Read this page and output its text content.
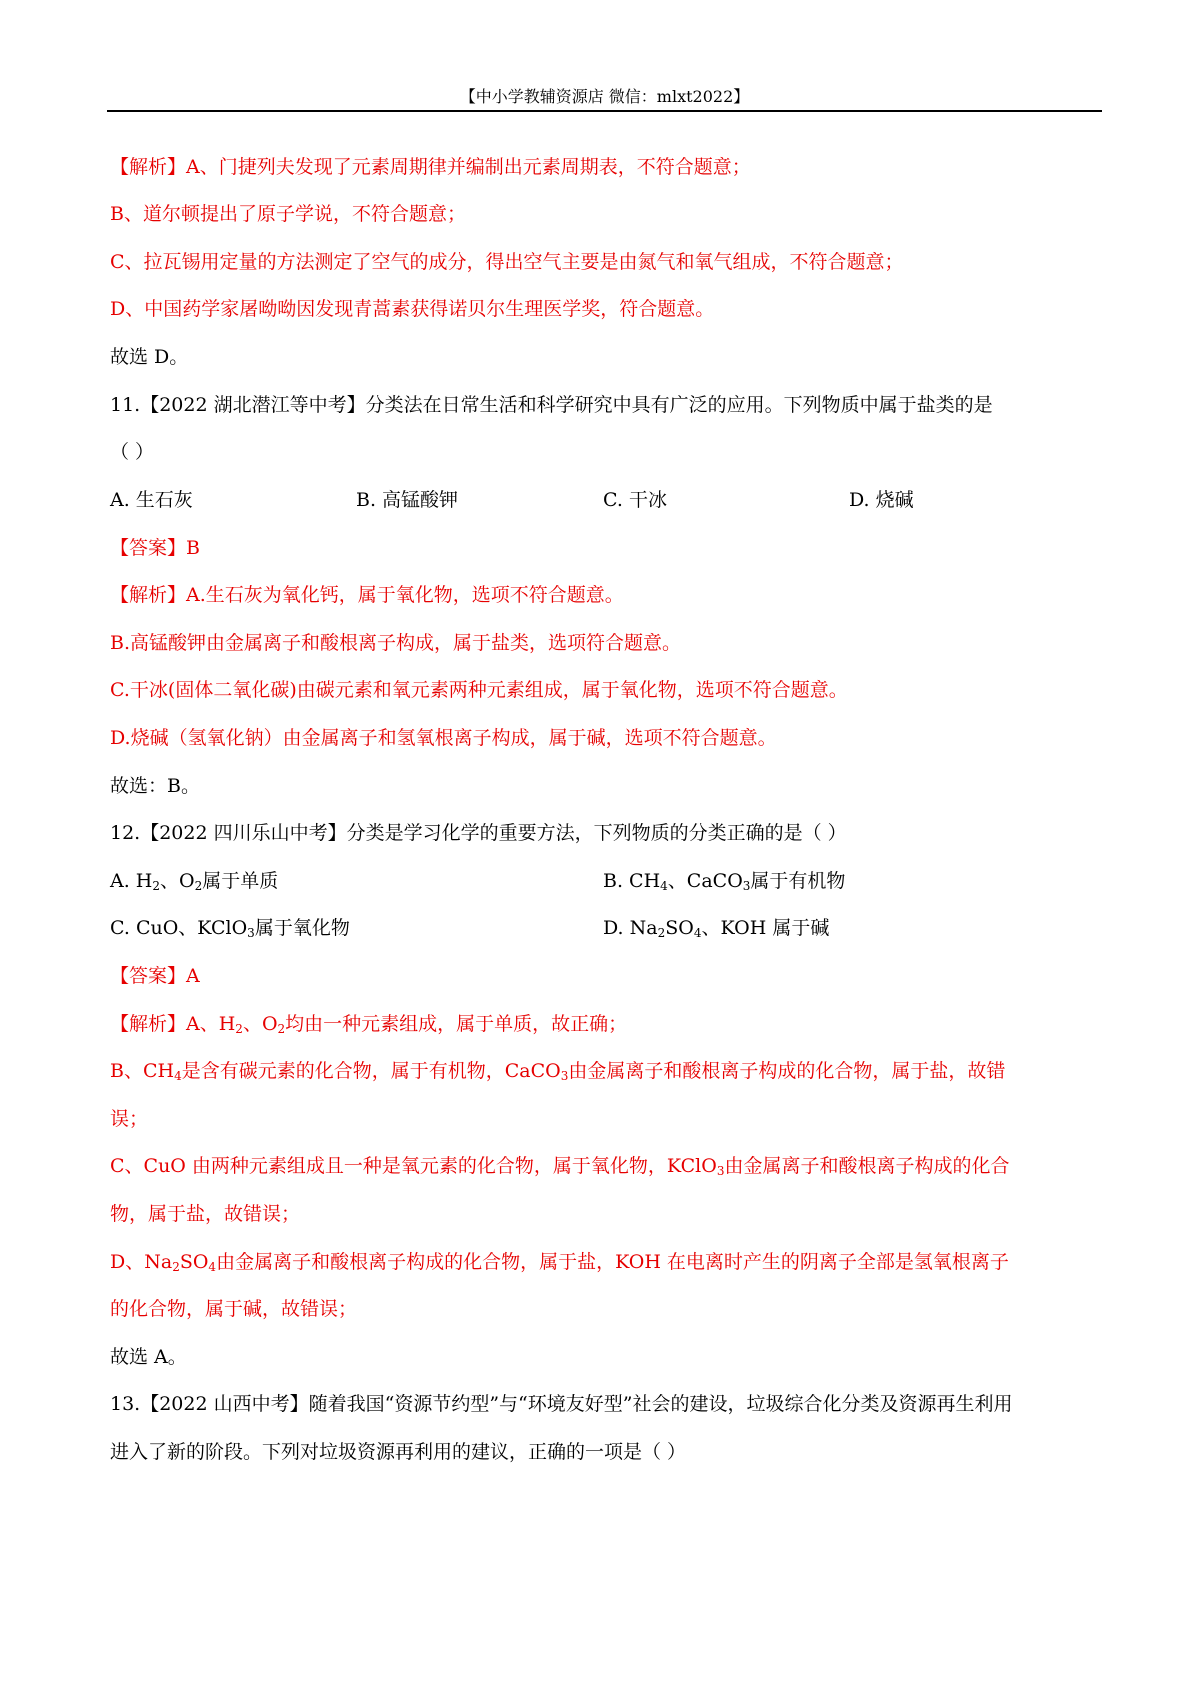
【中小学教辅资源店 微信：mlxt2022】
【解析】A、门捷列夫发现了元素周期律并编制出元素周期表，不符合题意；
B、道尔顿提出了原子学说，不符合题意；
C、拉瓦锡用定量的方法测定了空气的成分，得出空气主要是由氮气和氧气组成，不符合题意；
D、中国药学家屠呦呦因发现青蒿素获得诺贝尔生理医学奖，符合题意。
故选 D。
11.【2022 湖北潜江等中考】分类法在日常生活和科学研究中具有广泛的应用。下列物质中属于盐类的是
（ ）
A. 生石灰	B. 高锰酸钾	C. 干冰	D. 烧碱
【答案】B
【解析】A.生石灰为氧化钙，属于氧化物，选项不符合题意。
B.高锰酸钾由金属离子和酸根离子构成，属于盐类，选项符合题意。
C.干冰(固体二氧化碳)由碳元素和氧元素两种元素组成，属于氧化物，选项不符合题意。
D.烧碱（氢氧化钠）由金属离子和氢氧根离子构成，属于碱，选项不符合题意。
故选：B。
12.【2022 四川乐山中考】分类是学习化学的重要方法，下列物质的分类正确的是（ ）
A. $H_2$、$O_2$属于单质	B. $CH_4$、CaCO$_3$属于有机物
C. CuO、KClO$_3$属于氧化物	D. $Na_2SO_4$、KOH 属于碱
【答案】A
【解析】A、$H_2$、$O_2$均由一种元素组成，属于单质，故正确；
B、$CH_4$是含有碳元素的化合物，属于有机物，CaCO$_3$由金属离子和酸根离子构成的化合物，属于盐，故错
误；
C、CuO 由两种元素组成且一种是氧元素的化合物，属于氧化物，KClO$_3$由金属离子和酸根离子构成的化合
物，属于盐，故错误；
D、$Na_2SO_4$由金属离子和酸根离子构成的化合物，属于盐，KOH 在电离时产生的阴离子全部是氢氧根离子
的化合物，属于碱，故错误；
故选 A。
13.【2022 山西中考】随着我国“资源节约型”与“环境友好型”社会的建设，垃圾综合化分类及资源再生利用
进入了新的阶段。下列对垃圾资源再利用的建议，正确的一项是（ ）
